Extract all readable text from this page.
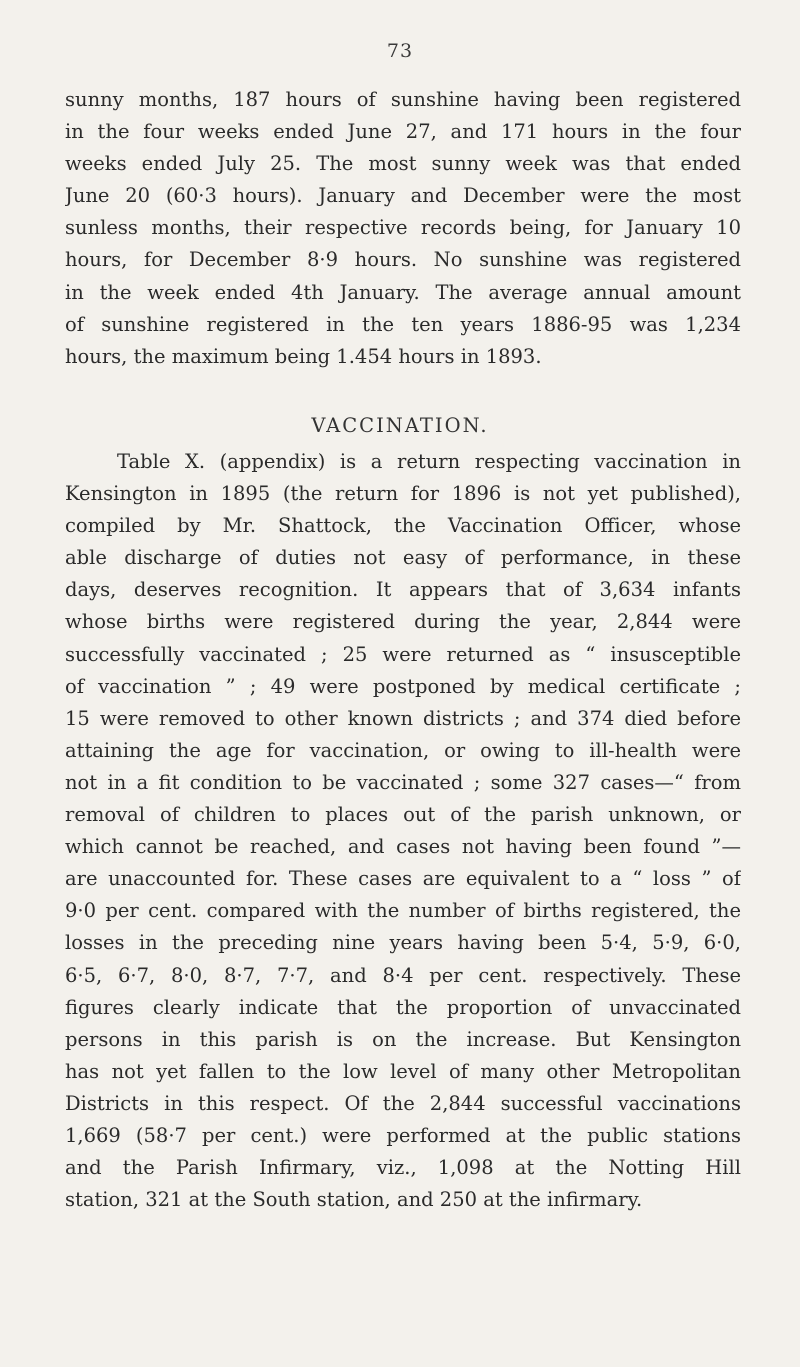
73
sunny months, 187 hours of sunshine having been registered
in the four weeks ended June 27, and 171 hours in the four
weeks ended July 25. The most sunny week was that ended
June 20 (60·3 hours). January and December were the most
sunless months, their respective records being, for January 10
hours, for December 8·9 hours. No sunshine was registered
in the week ended 4th January. The average annual amount
of sunshine registered in the ten years 1886-95 was 1,234
hours, the maximum being 1.454 hours in 1893.
VACCINATION.
Table X. (appendix) is a return respecting vaccination in
Kensington in 1895 (the return for 1896 is not yet published),
compiled by Mr. Shattock, the Vaccination Officer, whose
able discharge of duties not easy of performance, in these
days, deserves recognition. It appears that of 3,634 infants
whose births were registered during the year, 2,844 were
successfully vaccinated ; 25 were returned as “ insusceptible
of vaccination ” ; 49 were postponed by medical certificate ;
15 were removed to other known districts ; and 374 died before
attaining the age for vaccination, or owing to ill-health were
not in a fit condition to be vaccinated ; some 327 cases—“ from
removal of children to places out of the parish unknown, or
which cannot be reached, and cases not having been found ”—
are unaccounted for. These cases are equivalent to a “ loss ” of
9·0 per cent. compared with the number of births registered, the
losses in the preceding nine years having been 5·4, 5·9, 6·0,
6·5, 6·7, 8·0, 8·7, 7·7, and 8·4 per cent. respectively. These
figures clearly indicate that the proportion of unvaccinated
persons in this parish is on the increase. But Kensington
has not yet fallen to the low level of many other Metropolitan
Districts in this respect. Of the 2,844 successful vaccinations
1,669 (58·7 per cent.) were performed at the public stations
and the Parish Infirmary, viz., 1,098 at the Notting Hill
station, 321 at the South station, and 250 at the infirmary.
